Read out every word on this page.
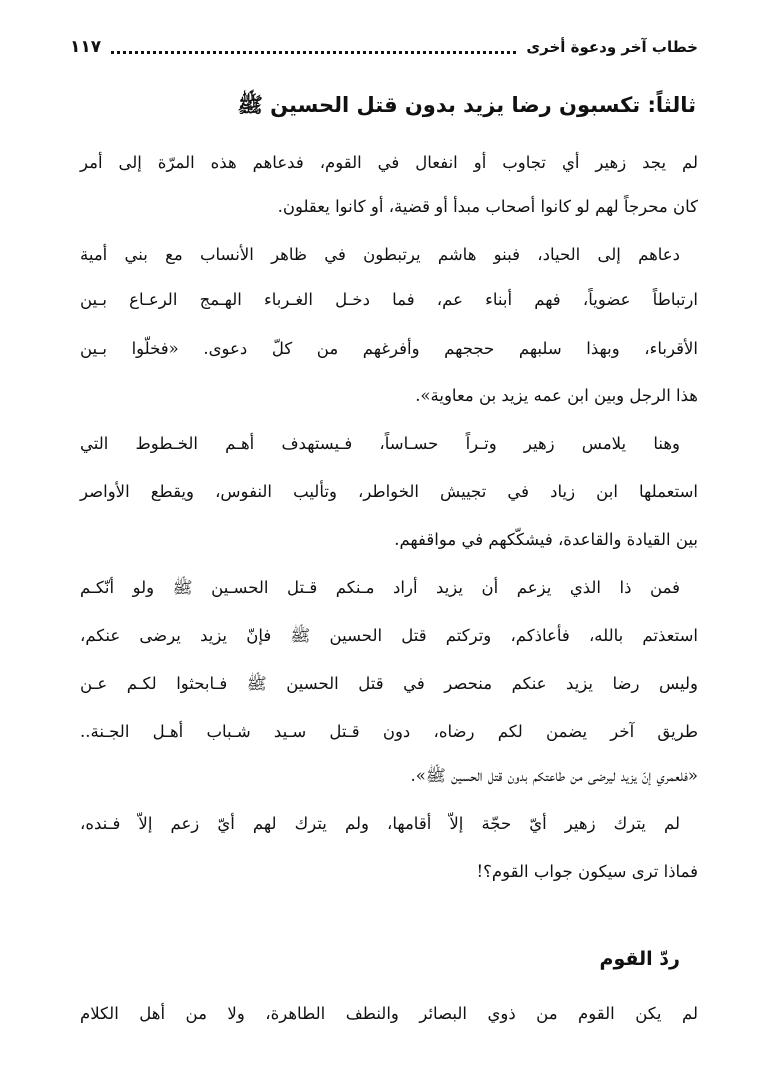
خطاب آخر ودعوة أخرى
١١٧
ثالثاً: تكسبون رضا يزيد بدون قتل الحسين ﷺ
لم يجد زهير أي تجاوب أو انفعال في القوم، فدعاهم هذه المرّة إلى أمر
كان محرجاً لهم لو كانوا أصحاب مبدأ أو قضية، أو كانوا يعقلون.
دعاهم إلى الحياد، فبنو هاشم يرتبطون في ظاهر الأنساب مع بني أمية
ارتباطاً عضوياً، فهم أبناء عم، فما دخـل الغـرباء الهـمج الرعـاع بـين
الأقرباء، وبهذا سلبهم حججهم وأفرغهم من كلّ دعوى. «فخلّوا بـين
هذا الرجل وبين ابن عمه يزيد بن معاوية».
وهنا يلامس زهير وتـراً حسـاساً، فـيستهدف أهـم الخـطوط التي
استعملها ابن زياد في تجييش الخواطر، وتأليب النفوس، ويقطع الأواصر
بين القيادة والقاعدة، فيشكّكهم في مواقفهم.
فمن ذا الذي يزعم أن يزيد أراد مـنكم قـتل الحسـين ﷺ ولو أنّكـم
استعذتم بالله، فأعاذكم، وتركتم قتل الحسين ﷺ فإنّ يزيد يرضى عنكم،
وليس رضا يزيد عنكم منحصر في قتل الحسين ﷺ فـابحثوا لكـم عـن
طريق آخر يضمن لكم رضاه، دون قـتل سـيد شـباب أهـل الجـنة..
«فلعمري إنّ يزيد ليرضى من طاعتكم بدون قتل الحسين ﷺ».
لم يترك زهير أيّ حجّة إلاّ أقامها، ولم يترك لهم أيّ زعم إلاّ فـنده،
فماذا ترى سيكون جواب القوم؟!
ردّ القوم
لم يكن القوم من ذوي البصائر والنطف الطاهرة، ولا من أهل الكلام
